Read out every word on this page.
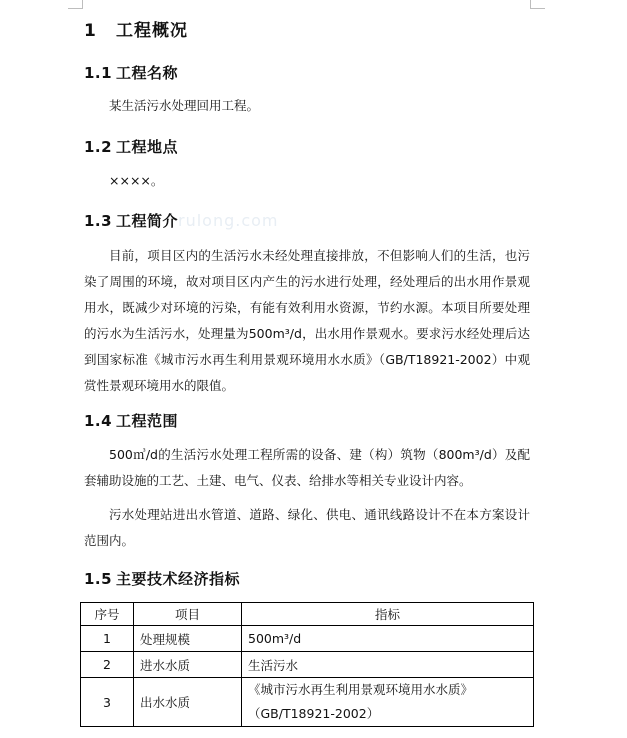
1 工程概况
1.1 工程名称
某生活污水处理回用工程。
1.2 工程地点
××××。
1.3 工程简介 rulong.com
目前，项目区内的生活污水未经处理直接排放，不但影响人们的生活，也污染了周围的环境，故对项目区内产生的污水进行处理，经处理后的出水用作景观用水，既减少对环境的污染，有能有效利用水资源，节约水源。本项目所要处理的污水为生活污水，处理量为500m³/d，出水用作景观水。要求污水经处理后达到国家标准《城市污水再生利用景观环境用水水质》（GB/T18921-2002）中观赏性景观环境用水的限值。
1.4 工程范围
500㎥/d的生活污水处理工程所需的设备、建（构）筑物（800m³/d）及配套辅助设施的工艺、土建、电气、仪表、给排水等相关专业设计内容。
污水处理站进出水管道、道路、绿化、供电、通讯线路设计不在本方案设计范围内。
1.5 主要技术经济指标
序号	项目	指标
1	处理规模	500m³/d
2	进水水质	生活污水
3	出水水质	《城市污水再生利用景观环境用水水质》（GB/T18921-2002）
